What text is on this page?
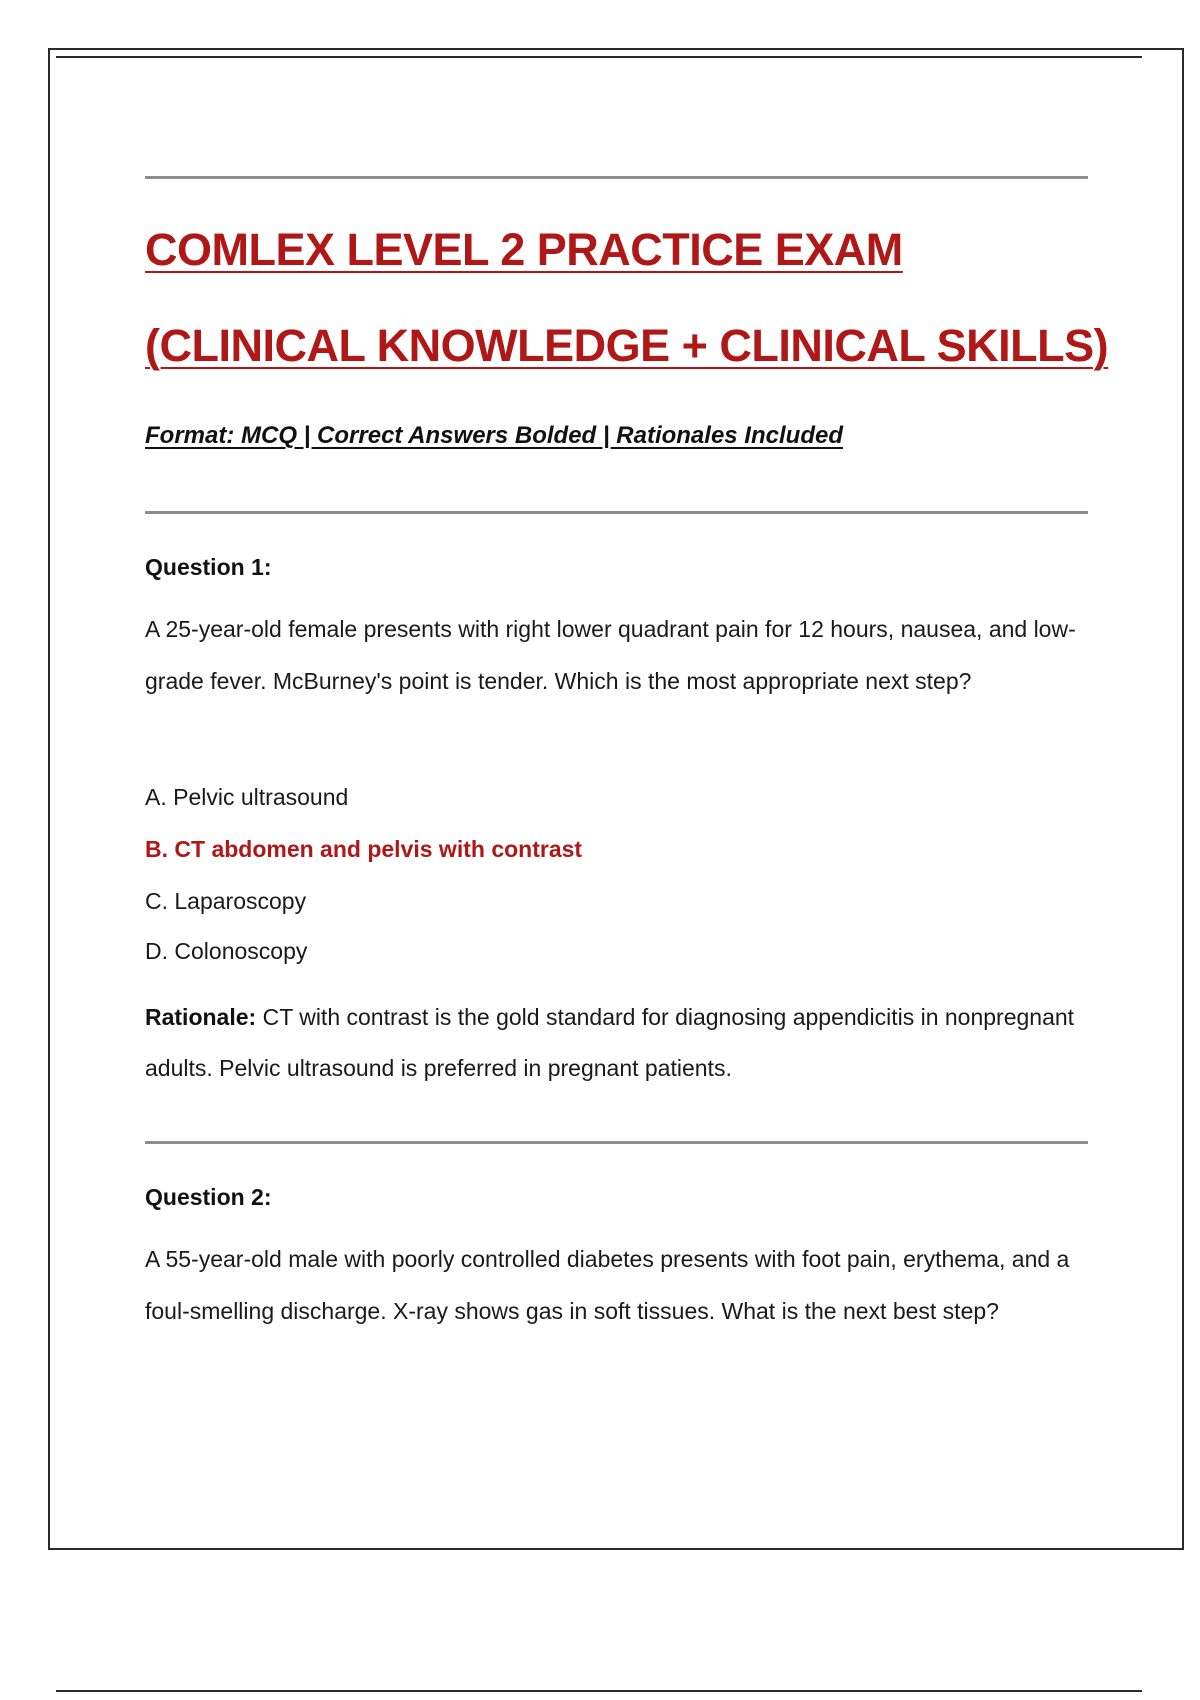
COMLEX LEVEL 2 PRACTICE EXAM
(CLINICAL KNOWLEDGE + CLINICAL SKILLS)
Format: MCQ | Correct Answers Bolded | Rationales Included
Question 1:
A 25-year-old female presents with right lower quadrant pain for 12 hours, nausea, and low-grade fever. McBurney's point is tender. Which is the most appropriate next step?
A. Pelvic ultrasound
B. CT abdomen and pelvis with contrast
C. Laparoscopy
D. Colonoscopy
Rationale: CT with contrast is the gold standard for diagnosing appendicitis in nonpregnant adults. Pelvic ultrasound is preferred in pregnant patients.
Question 2:
A 55-year-old male with poorly controlled diabetes presents with foot pain, erythema, and a foul-smelling discharge. X-ray shows gas in soft tissues. What is the next best step?
